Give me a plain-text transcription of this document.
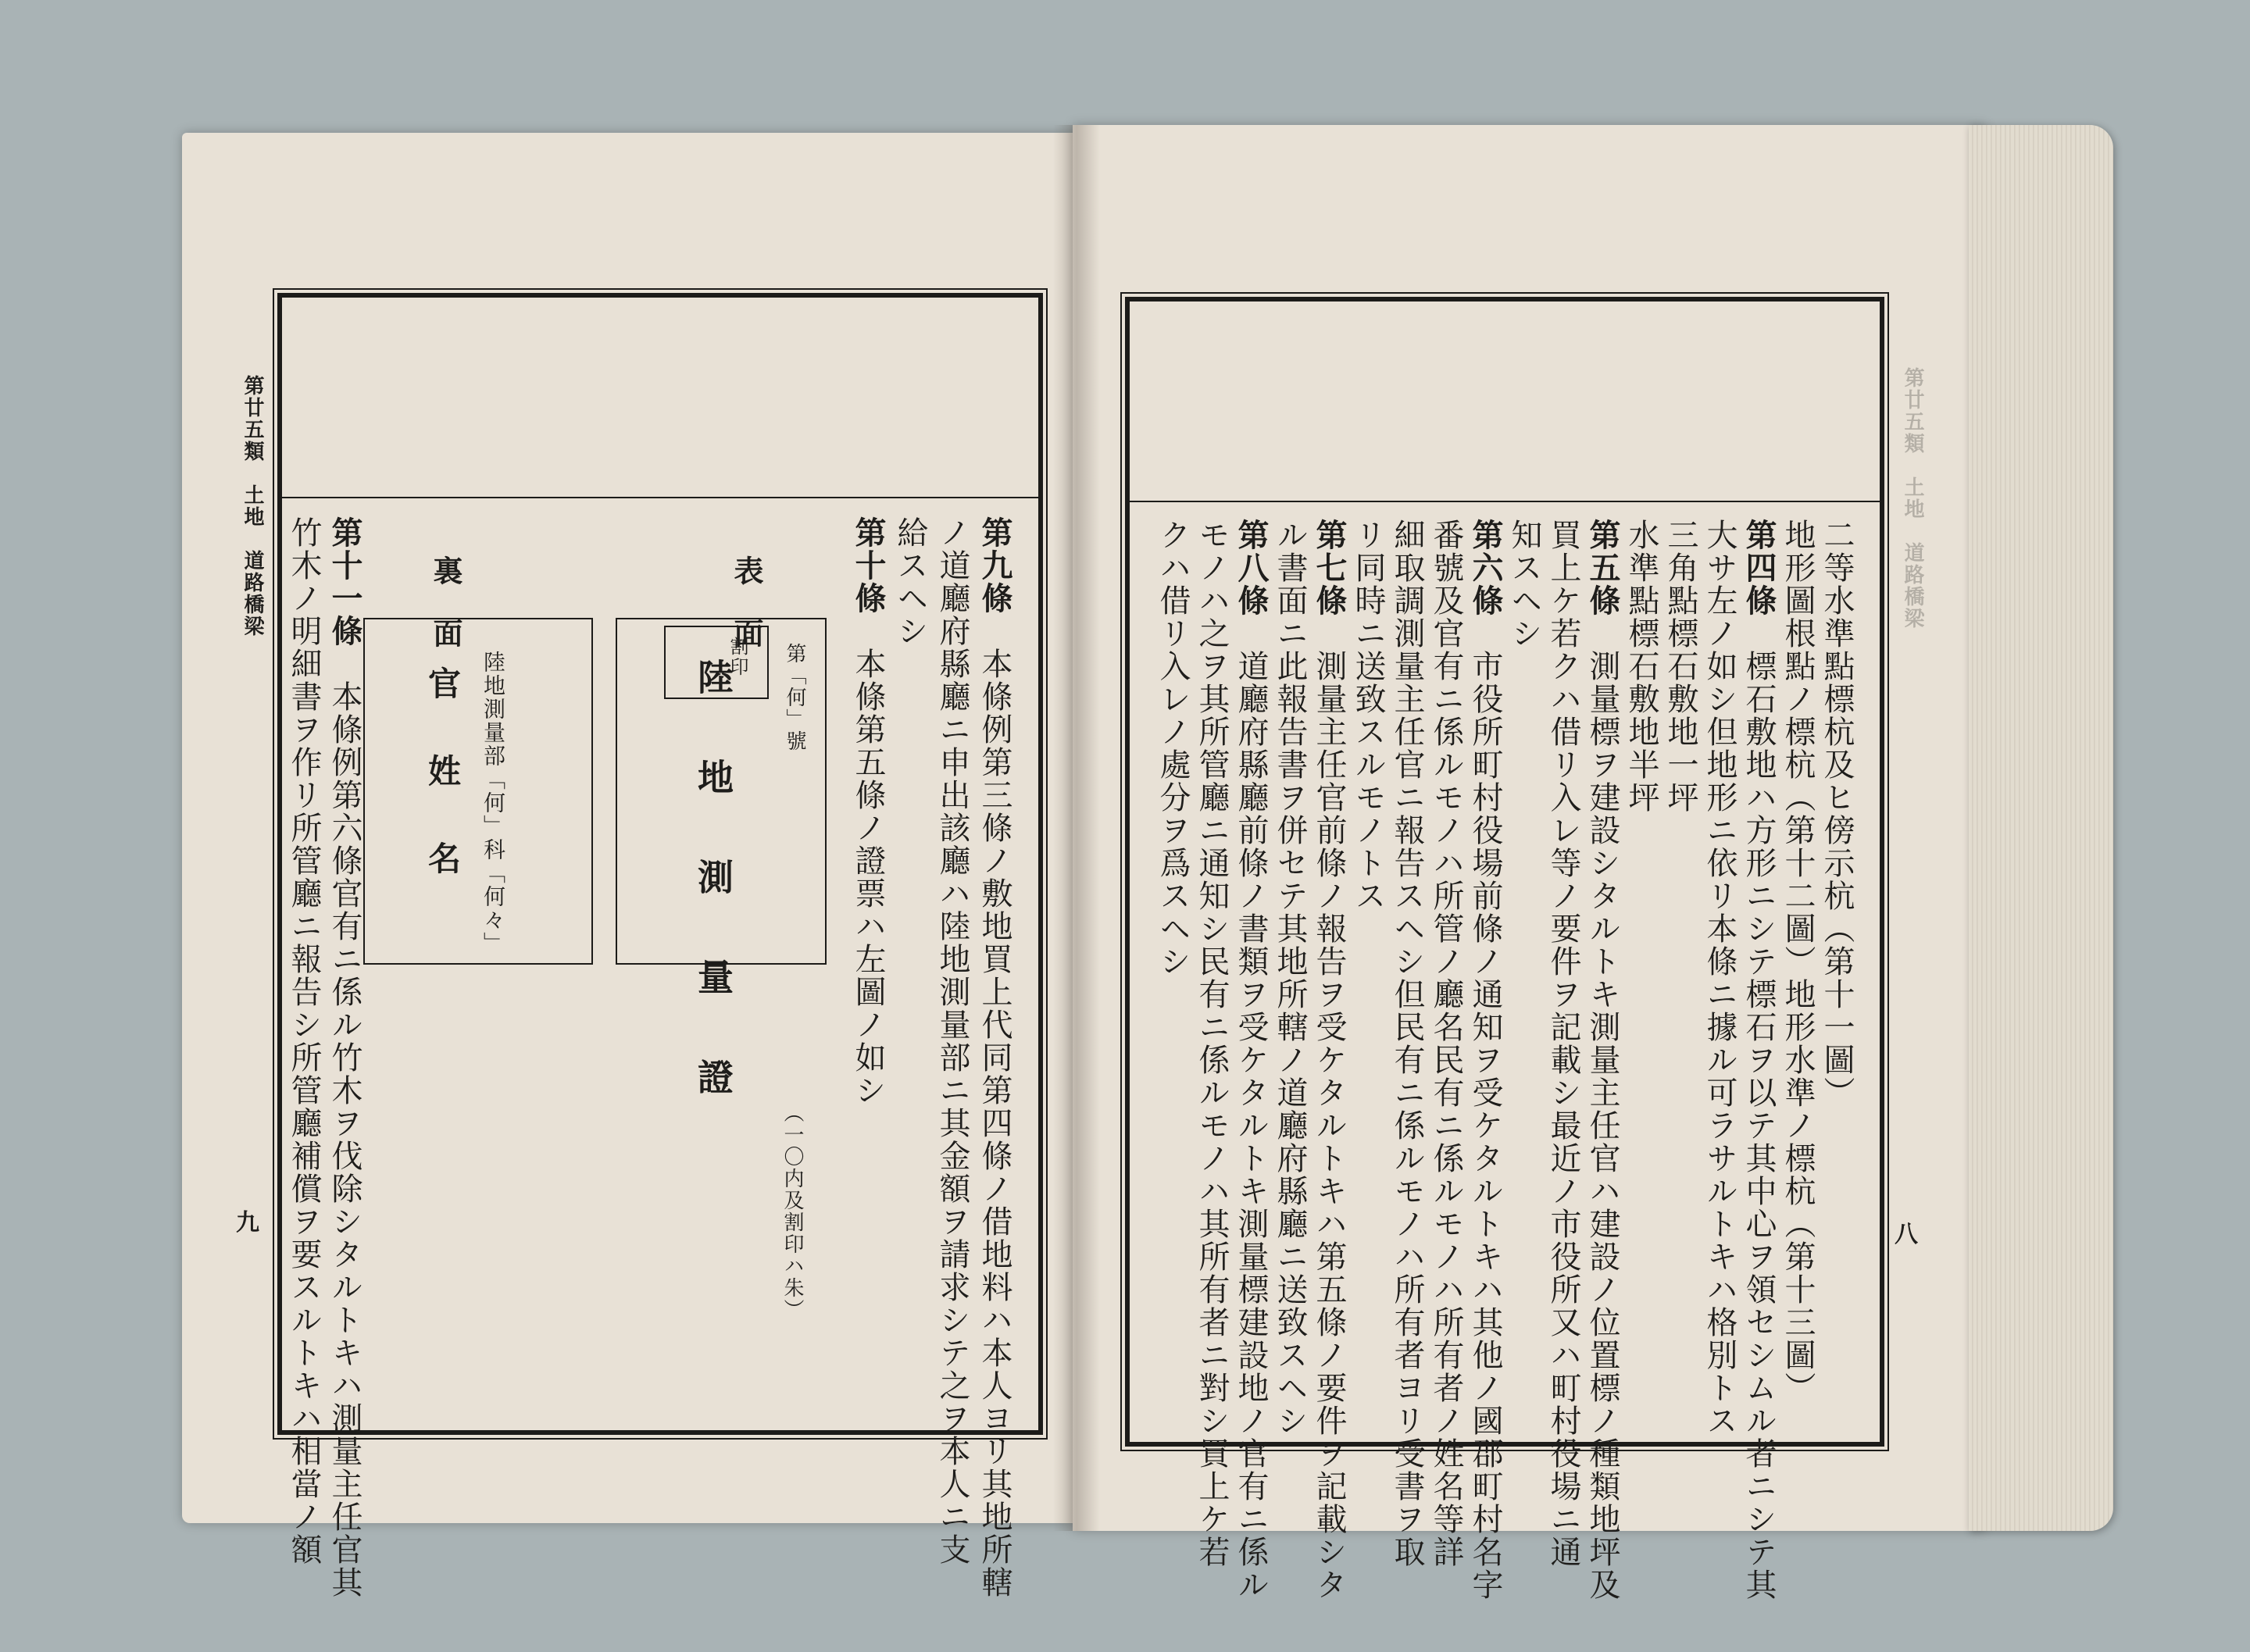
第廿五類　土地　道路橋梁
九
第九條　本條例第三條ノ敷地買上代同第四條ノ借地料ハ本人ヨリ其地所轄
ノ道廳府縣廳ニ申出該廳ハ陸地測量部ニ其金額ヲ請求シテ之ヲ本人ニ支
給スヘシ
第十條　本條第五條ノ證票ハ左圖ノ如シ
表　面
第「何」號
割印
陸　地　測　量　證
（一〇内及割印ハ朱）
裏　面
陸地測量部「何」科「何々」
官　姓　名
第十一條　本條例第六條官有ニ係ル竹木ヲ伐除シタルトキハ測量主任官其
竹木ノ明細書ヲ作リ所管廳ニ報告シ所管廳補償ヲ要スルトキハ相當ノ額
第廿五類　土地　道路橋梁
八
二等水準點標杭及ヒ傍示杭（第十一圖）
地形圖根點ノ標杭（第十二圖）地形水準ノ標杭（第十三圖）
第四條　標石敷地ハ方形ニシテ標石ヲ以テ其中心ヲ領セシムル者ニシテ其
大サ左ノ如シ但地形ニ依リ本條ニ據ル可ラサルトキハ格別トス
三角點標石敷地一坪
水準點標石敷地半坪
第五條　測量標ヲ建設シタルトキ測量主任官ハ建設ノ位置標ノ種類地坪及
買上ケ若クハ借リ入レ等ノ要件ヲ記載シ最近ノ市役所又ハ町村役場ニ通
知スヘシ
第六條　市役所町村役場前條ノ通知ヲ受ケタルトキハ其他ノ國郡町村名字
番號及官有ニ係ルモノハ所管ノ廳名民有ニ係ルモノハ所有者ノ姓名等詳
細取調測量主任官ニ報告スヘシ但民有ニ係ルモノハ所有者ヨリ受書ヲ取
リ同時ニ送致スルモノトス
第七條　測量主任官前條ノ報告ヲ受ケタルトキハ第五條ノ要件ヲ記載シタ
ル書面ニ此報告書ヲ併セテ其地所轄ノ道廳府縣廳ニ送致スヘシ
第八條　道廳府縣廳前條ノ書類ヲ受ケタルトキ測量標建設地ノ官有ニ係ル
モノハ之ヲ其所管廳ニ通知シ民有ニ係ルモノハ其所有者ニ對シ買上ケ若
クハ借リ入レノ處分ヲ爲スヘシ
